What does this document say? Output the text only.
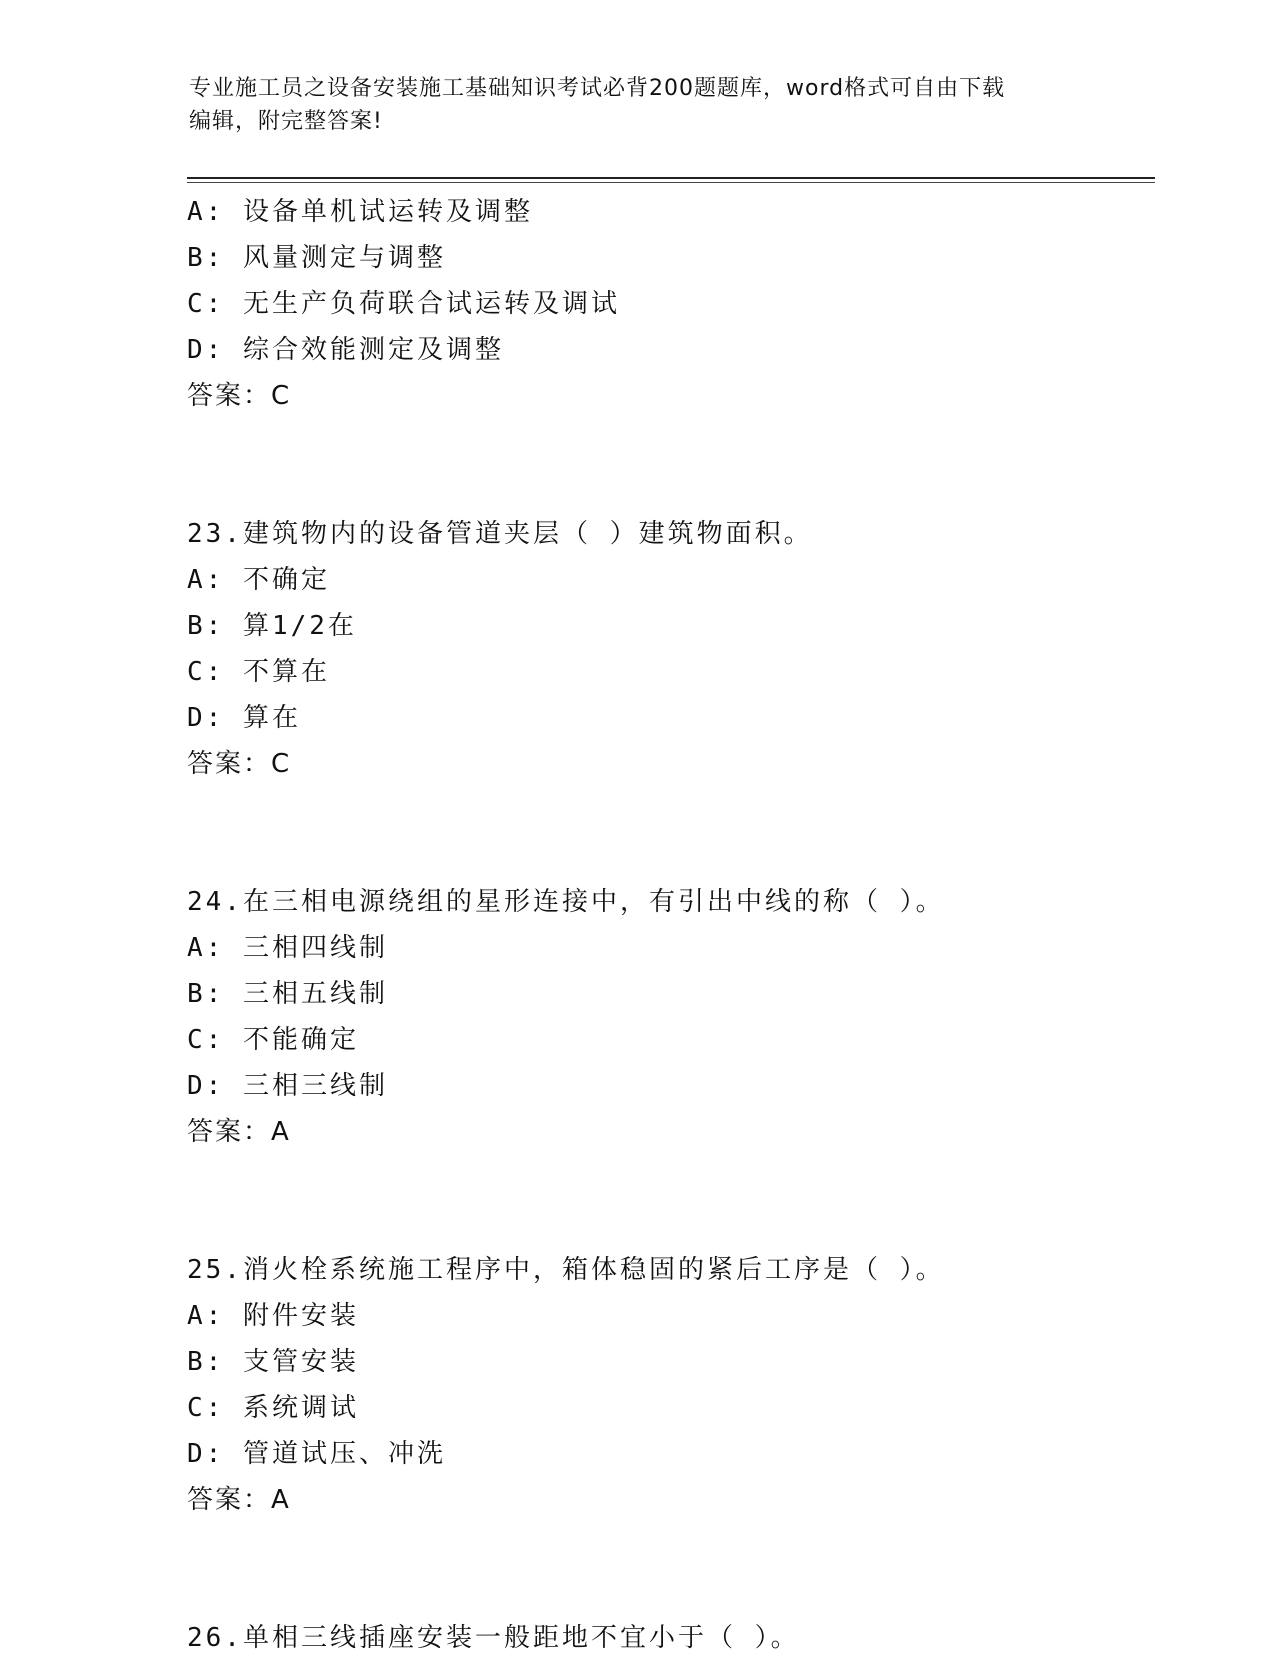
专业施工员之设备安装施工基础知识考试必背200题题库，word格式可自由下载
编辑，附完整答案!
A: 设备单机试运转及调整
B: 风量测定与调整
C: 无生产负荷联合试运转及调试
D: 综合效能测定及调整
答案：C
23.建筑物内的设备管道夹层（ ）建筑物面积。
A: 不确定
B: 算1/2在
C: 不算在
D: 算在
答案：C
24.在三相电源绕组的星形连接中，有引出中线的称（ ）。
A: 三相四线制
B: 三相五线制
C: 不能确定
D: 三相三线制
答案：A
25.消火栓系统施工程序中，箱体稳固的紧后工序是（ ）。
A: 附件安装
B: 支管安装
C: 系统调试
D: 管道试压、冲洗
答案：A
26.单相三线插座安装一般距地不宜小于（ ）。
